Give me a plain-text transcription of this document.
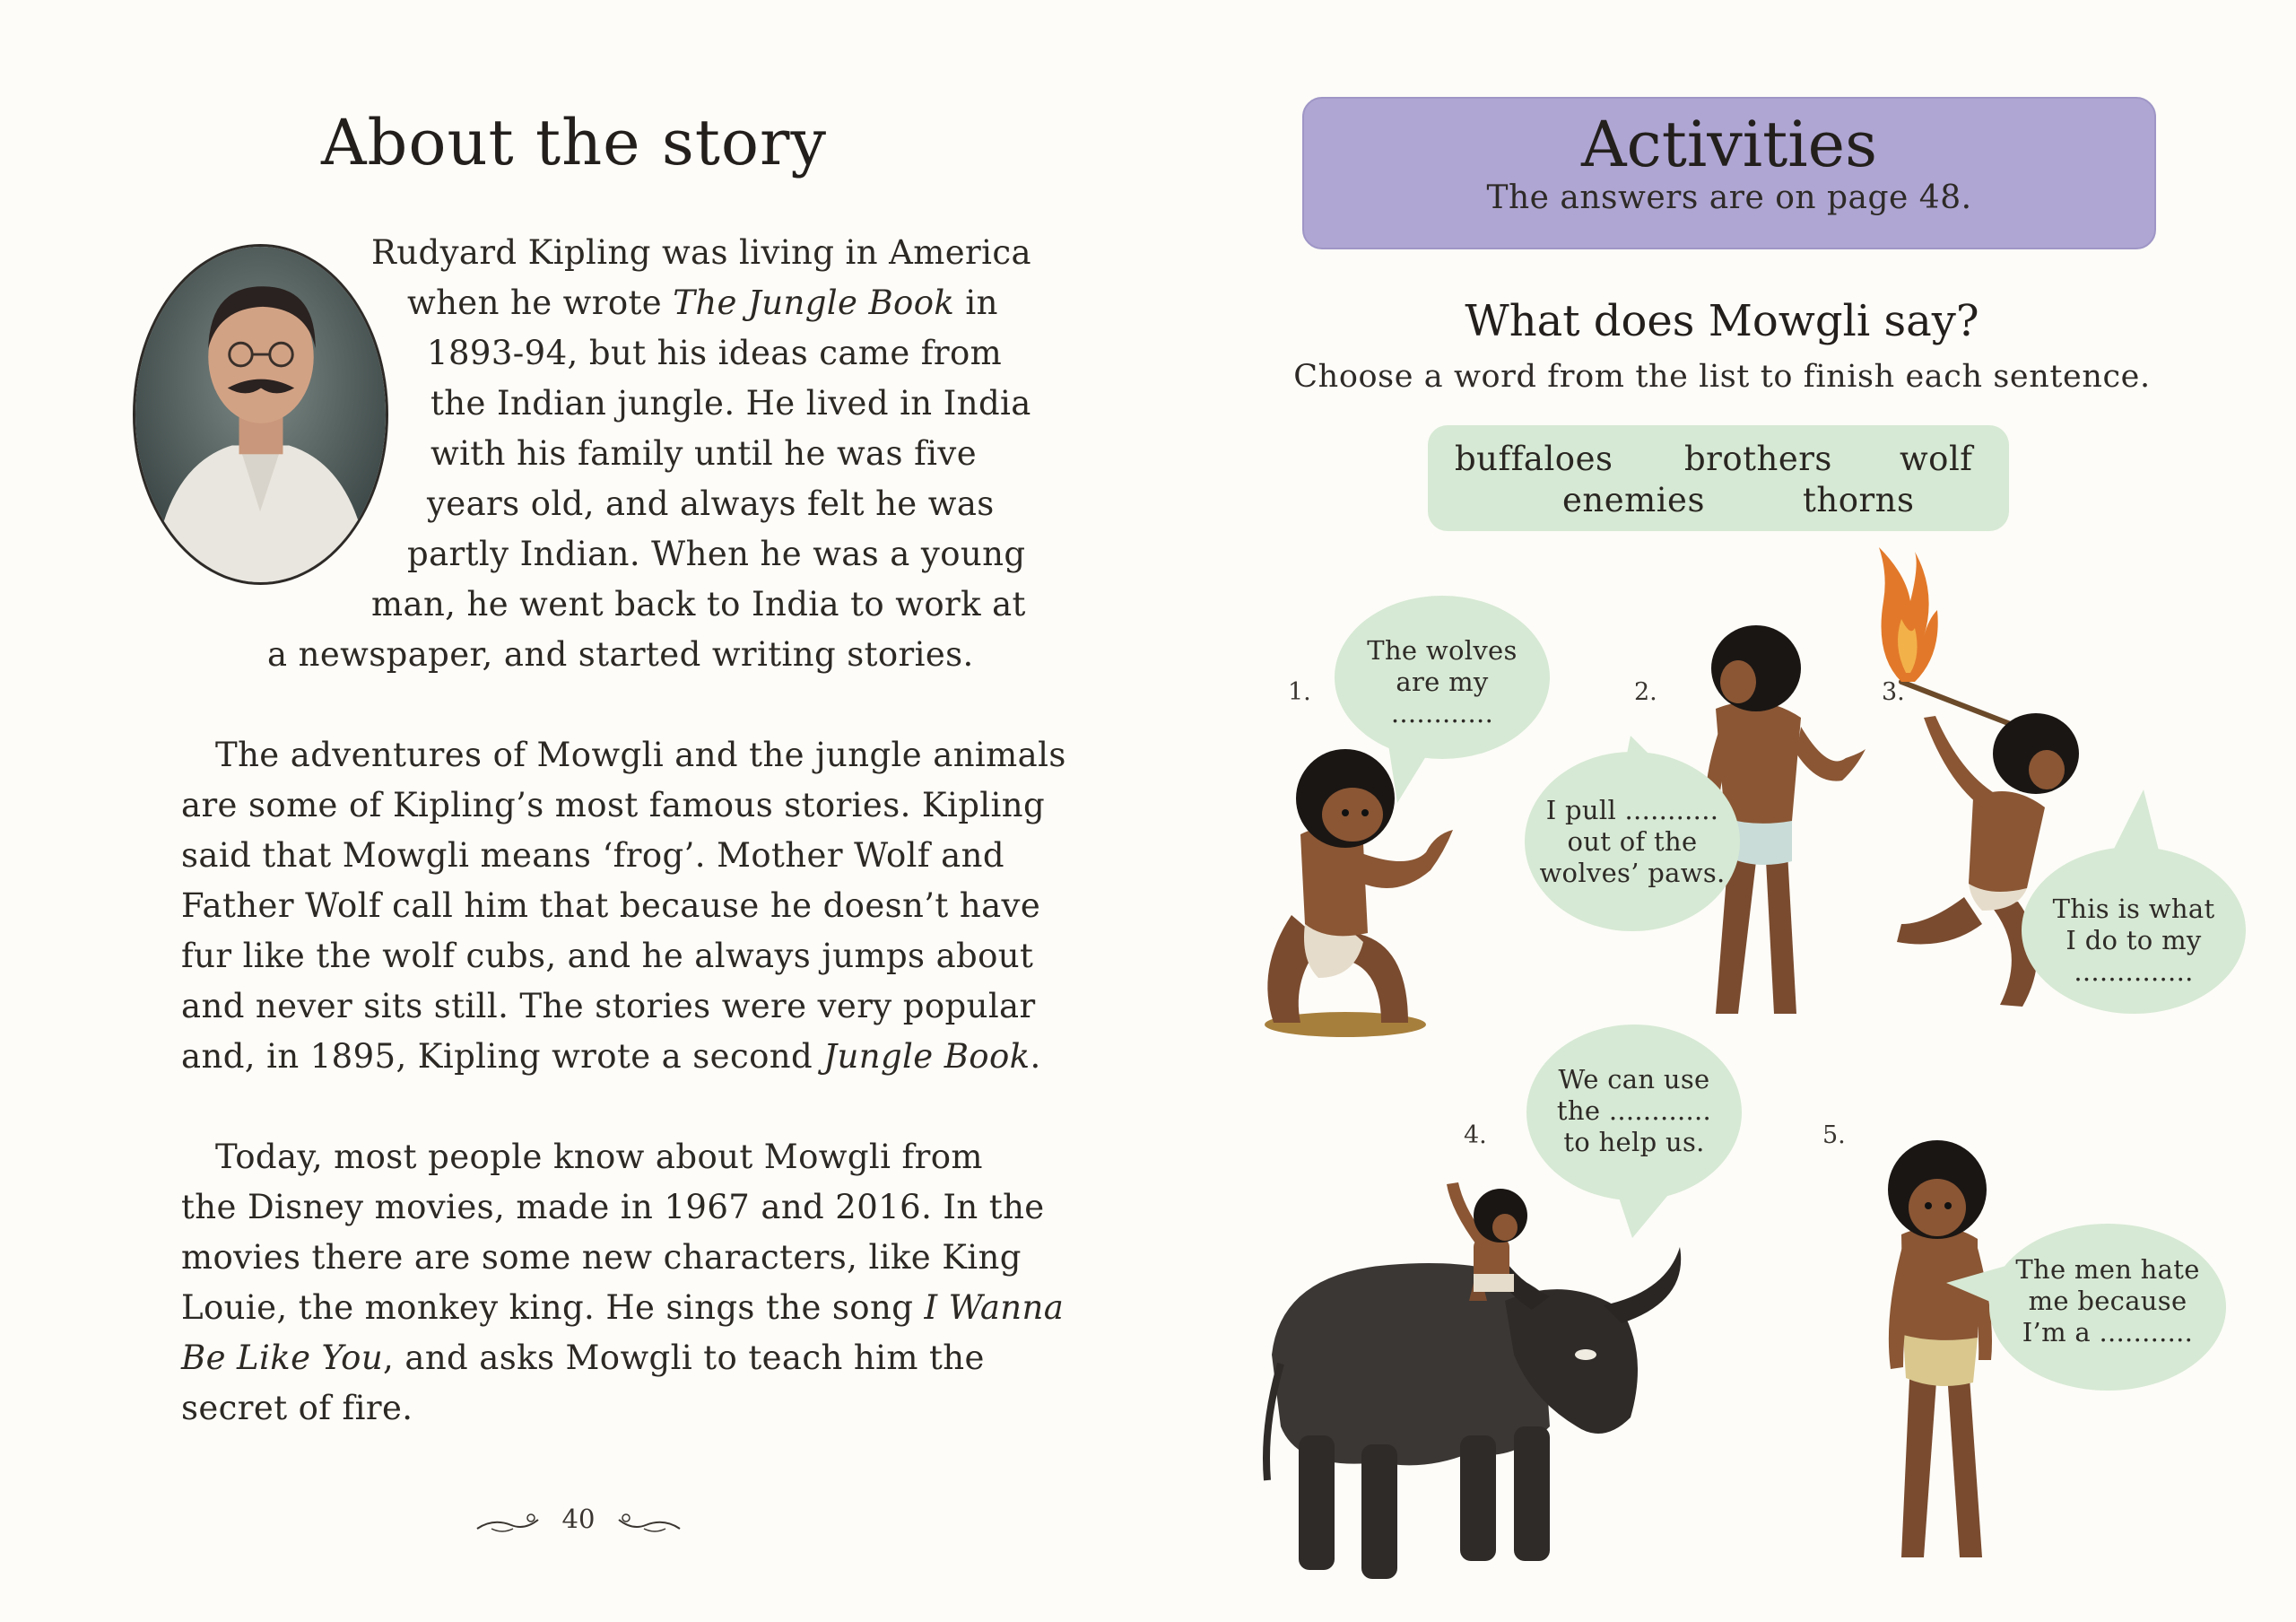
About the story
Rudyard Kipling was living in America
when he wrote The Jungle Book in
1893-94, but his ideas came from
the Indian jungle. He lived in India
with his family until he was five
years old, and always felt he was
partly Indian. When he was a young
man, he went back to India to work at
a newspaper, and started writing stories.
The adventures of Mowgli and the jungle animals
are some of Kipling’s most famous stories. Kipling
said that Mowgli means ‘frog’. Mother Wolf and
Father Wolf call him that because he doesn’t have
fur like the wolf cubs, and he always jumps about
and never sits still. The stories were very popular
and, in 1895, Kipling wrote a second Jungle Book.
Today, most people know about Mowgli from
the Disney movies, made in 1967 and 2016. In the
movies there are some new characters, like King
Louie, the monkey king. He sings the song I Wanna
Be Like You, and asks Mowgli to teach him the
secret of fire.
40
Activities
The answers are on page 48.
What does Mowgli say?
Choose a word from the list to finish each sentence.
buffaloes brothers wolf
enemies	thorns
1.
The wolves
are my
............
2.
I pull ...........
out of the
wolves’ paws.
3.
This is what
I do to my
..............
4.
We can use
the ............
to help us.	5.
The men hate
me because
I’m a ...........
